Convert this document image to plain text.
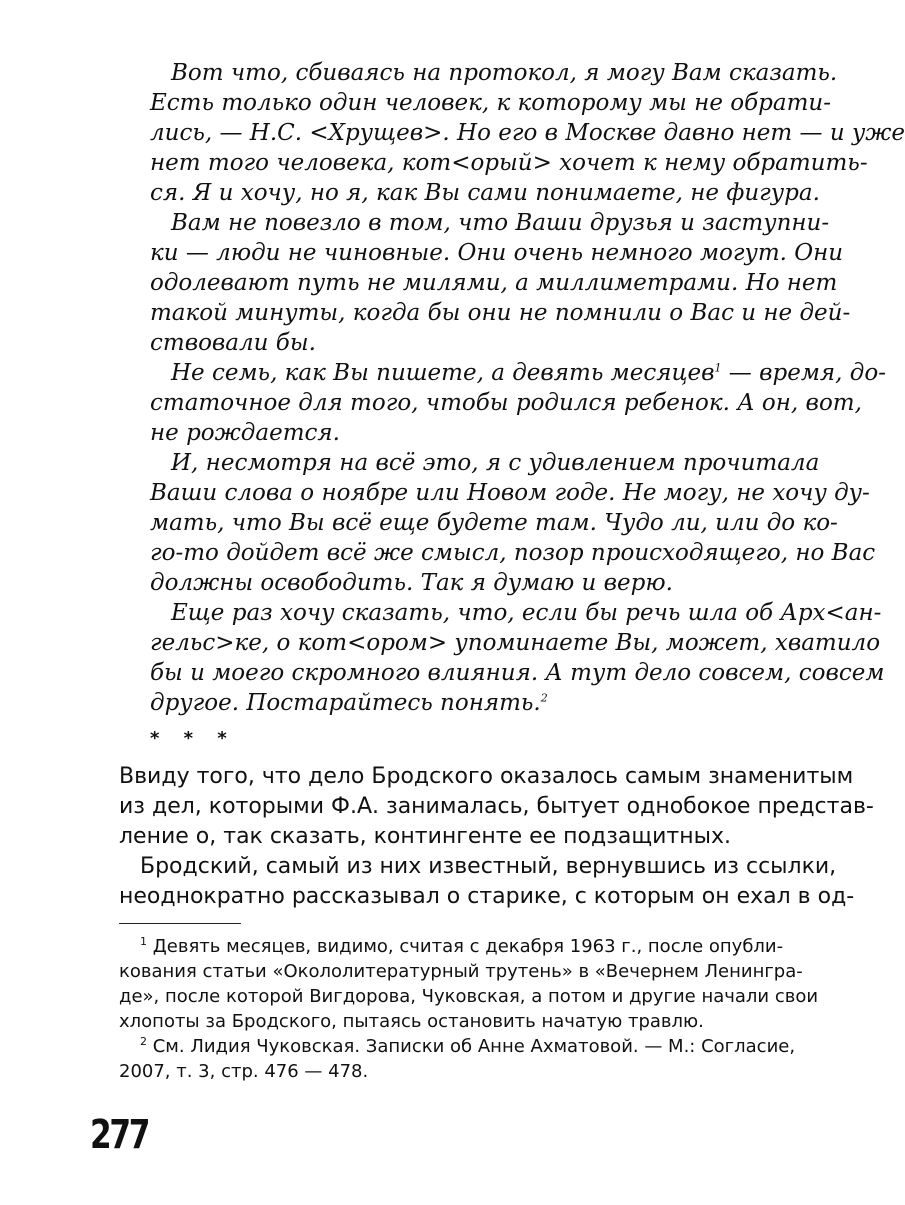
Вот что, сбиваясь на протокол, я могу Вам сказать.
Есть только один человек, к которому мы не обрати-
лись, — Н.С. <Хрущев>. Но его в Москве давно нет — и уже
нет того человека, кот<орый> хочет к нему обратить-
ся. Я и хочу, но я, как Вы сами понимаете, не фигура.
Вам не повезло в том, что Ваши друзья и заступни-
ки — люди не чиновные. Они очень немного могут. Они
одолевают путь не милями, а миллиметрами. Но нет
такой минуты, когда бы они не помнили о Вас и не дей-
ствовали бы.
Не семь, как Вы пишете, а девять месяцев$^1$ — время, до-
статочное для того, чтобы родился ребенок. А он, вот,
не рождается.
И, несмотря на всё это, я с удивлением прочитала
Ваши слова о ноябре или Новом годе. Не могу, не хочу ду-
мать, что Вы всё еще будете там. Чудо ли, или до ко-
го-то дойдет всё же смысл, позор происходящего, но Вас
должны освободить. Так я думаю и верю.
Еще раз хочу сказать, что, если бы речь шла об Арх<ан-
гельс>ке, о кот<ором> упоминаете Вы, может, хватило
бы и моего скромного влияния. А тут дело совсем, совсем
другое. Постарайтесь понять.$^2$
* * *
Ввиду того, что дело Бродского оказалось самым знаменитым
из дел, которыми Ф.А. занималась, бытует однобокое представ-
ление о, так сказать, контингенте ее подзащитных.
Бродский, самый из них известный, вернувшись из ссылки,
неоднократно рассказывал о старике, с которым он ехал в од-
$^1$ Девять месяцев, видимо, считая с декабря 1963 г., после опубли-
кования статьи «Окололитературный трутень» в «Вечернем Ленингра-
де», после которой Вигдорова, Чуковская, а потом и другие начали свои
хлопоты за Бродского, пытаясь остановить начатую травлю.
$^2$ См. Лидия Чуковская. Записки об Анне Ахматовой. — М.: Согласие,
2007, т. 3, стр. 476 — 478.
277
